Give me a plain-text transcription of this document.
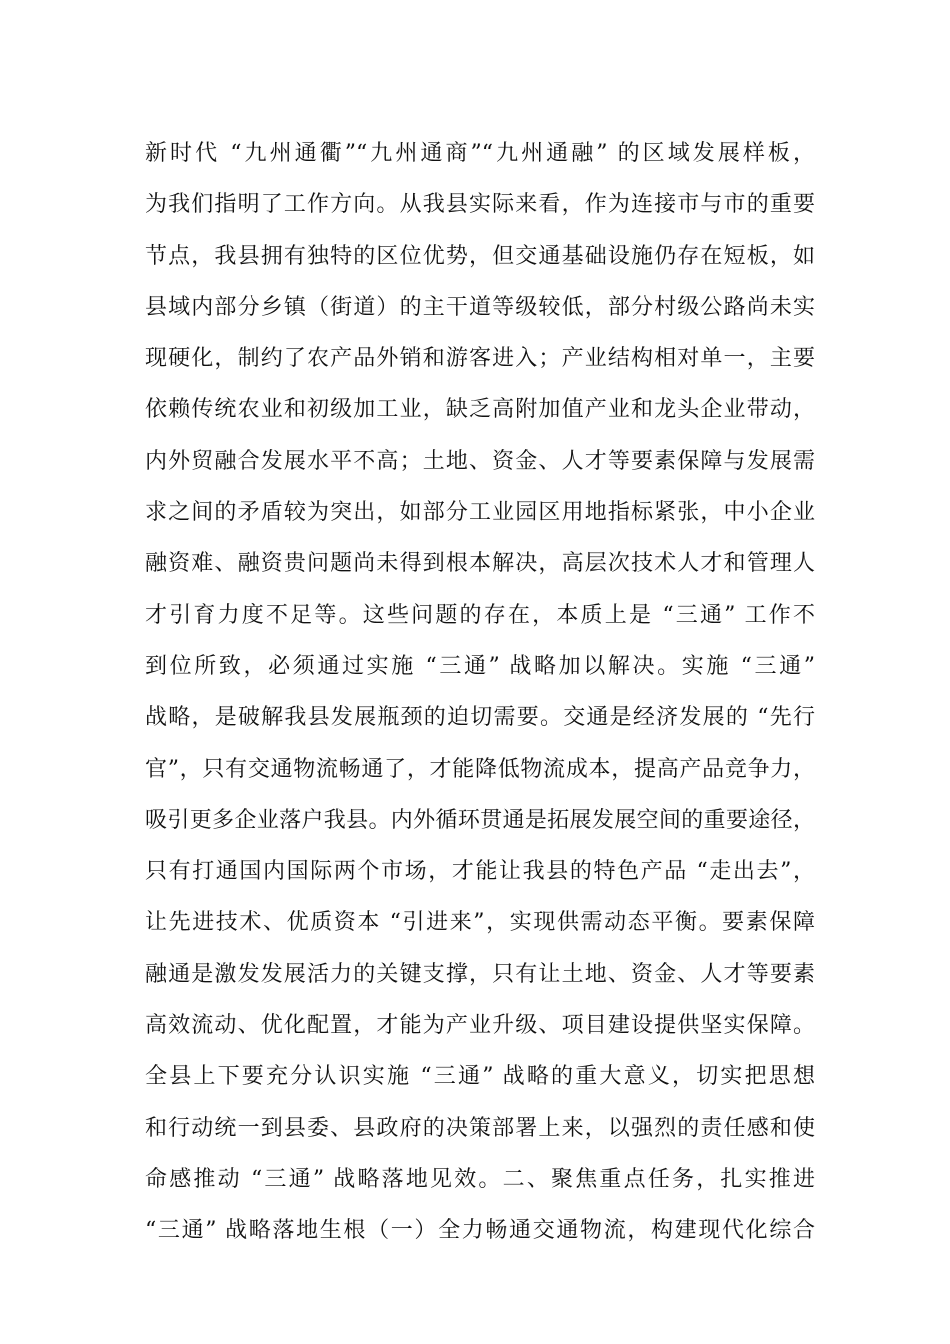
新时代 “九州通衢”“九州通商”“九州通融” 的区域发展样板，
为我们指明了工作方向。从我县实际来看，作为连接市与市的重要
节点，我县拥有独特的区位优势，但交通基础设施仍存在短板，如
县域内部分乡镇（街道）的主干道等级较低，部分村级公路尚未实
现硬化，制约了农产品外销和游客进入；产业结构相对单一，主要
依赖传统农业和初级加工业，缺乏高附加值产业和龙头企业带动，
内外贸融合发展水平不高；土地、资金、人才等要素保障与发展需
求之间的矛盾较为突出，如部分工业园区用地指标紧张，中小企业
融资难、融资贵问题尚未得到根本解决，高层次技术人才和管理人
才引育力度不足等。这些问题的存在，本质上是 “三通” 工作不
到位所致，必须通过实施 “三通” 战略加以解决。实施 “三通”
战略，是破解我县发展瓶颈的迫切需要。交通是经济发展的 “先行
官”，只有交通物流畅通了，才能降低物流成本，提高产品竞争力，
吸引更多企业落户我县。内外循环贯通是拓展发展空间的重要途径，
只有打通国内国际两个市场，才能让我县的特色产品 “走出去”，
让先进技术、优质资本 “引进来”，实现供需动态平衡。要素保障
融通是激发发展活力的关键支撑，只有让土地、资金、人才等要素
高效流动、优化配置，才能为产业升级、项目建设提供坚实保障。
全县上下要充分认识实施 “三通” 战略的重大意义，切实把思想
和行动统一到县委、县政府的决策部署上来，以强烈的责任感和使
命感推动 “三通” 战略落地见效。二、聚焦重点任务，扎实推进
“三通” 战略落地生根（一）全力畅通交通物流，构建现代化综合
